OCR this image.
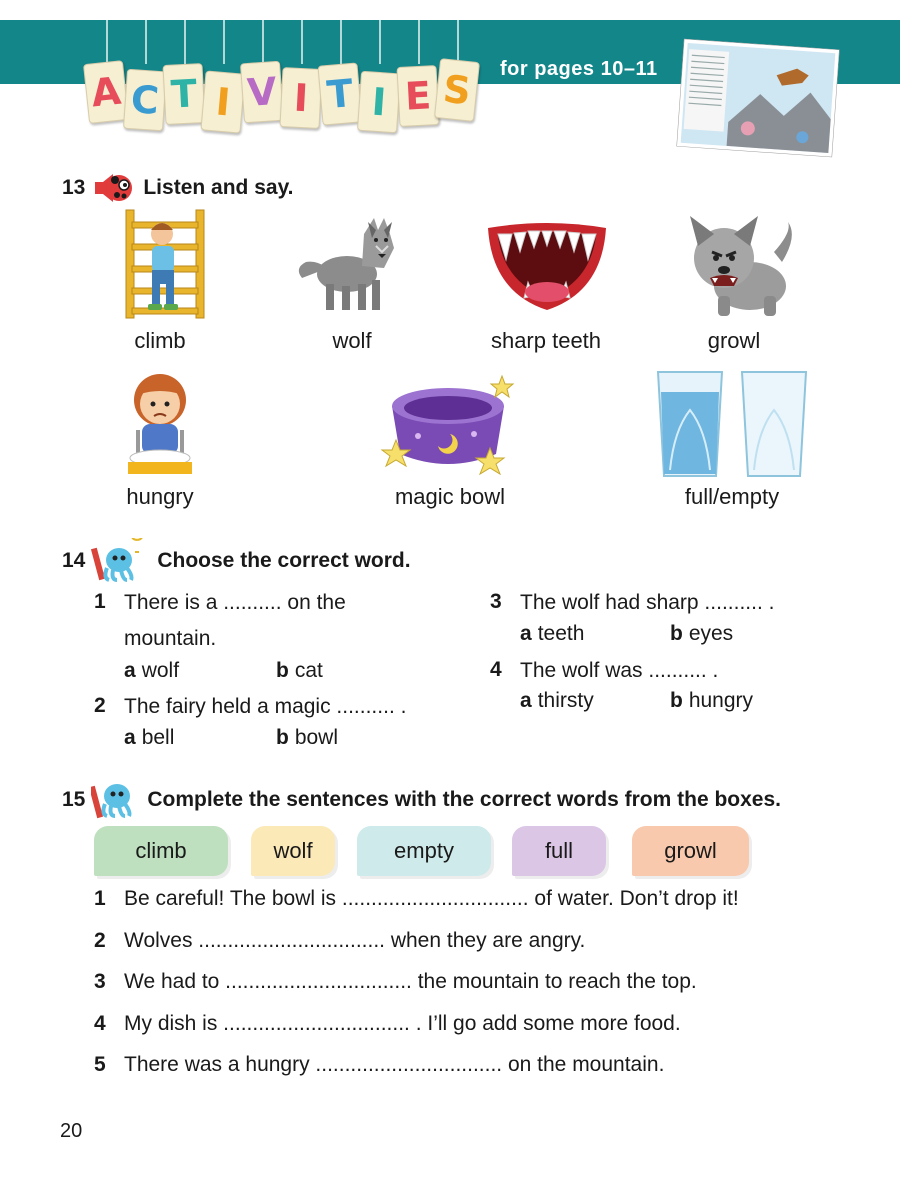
A C T I V I T I E S	for pages 10–11
13	Listen and say.
climb	wolf	sharp teeth	growl
hungry	magic bowl	full/empty
14	Choose the correct word.
1 There is a .......... on the
mountain.
a wolf	b cat
2 The fairy held a magic .......... .
a bell	b bowl
3 The wolf had sharp .......... .
a teeth	b eyes
4 The wolf was .......... .
a thirsty	b hungry
15	Complete the sentences with the correct words from the boxes.
climb	wolf	empty	full	growl
1 Be careful! The bowl is ................................ of water. Don’t drop it!
2 Wolves ................................ when they are angry.
3 We had to ................................ the mountain to reach the top.
4 My dish is ................................ . I’ll go add some more food.
5 There was a hungry ................................ on the mountain.
20
